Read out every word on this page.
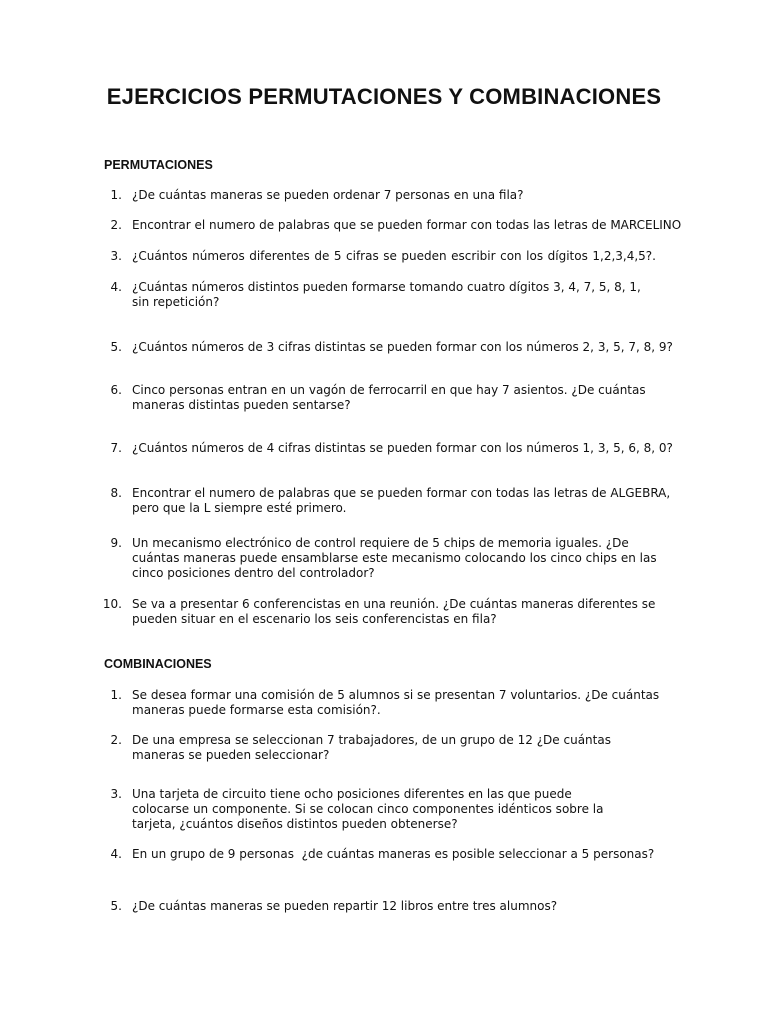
EJERCICIOS PERMUTACIONES Y COMBINACIONES
PERMUTACIONES
1. ¿De cuántas maneras se pueden ordenar 7 personas en una fila?
2. Encontrar el numero de palabras que se pueden formar con todas las letras de MARCELINO
3. ¿Cuántos números diferentes de 5 cifras se pueden escribir con los dígitos 1,2,3,4,5?.
4. ¿Cuántas números distintos pueden formarse tomando cuatro dígitos 3, 4, 7, 5, 8, 1, sin repetición?
5. ¿Cuántos números de 3 cifras distintas se pueden formar con los números 2, 3, 5, 7, 8, 9?
6. Cinco personas entran en un vagón de ferrocarril en que hay 7 asientos. ¿De cuántas maneras distintas pueden sentarse?
7. ¿Cuántos números de 4 cifras distintas se pueden formar con los números 1, 3, 5, 6, 8, 0?
8. Encontrar el numero de palabras que se pueden formar con todas las letras de ALGEBRA, pero que la L siempre esté primero.
9. Un mecanismo electrónico de control requiere de 5 chips de memoria iguales. ¿De cuántas maneras puede ensamblarse este mecanismo colocando los cinco chips en las cinco posiciones dentro del controlador?
10. Se va a presentar 6 conferencistas en una reunión. ¿De cuántas maneras diferentes se pueden situar en el escenario los seis conferencistas en fila?
COMBINACIONES
1. Se desea formar una comisión de 5 alumnos si se presentan 7 voluntarios. ¿De cuántas maneras puede formarse esta comisión?.
2. De una empresa se seleccionan 7 trabajadores, de un grupo de 12 ¿De cuántas maneras se pueden seleccionar?
3. Una tarjeta de circuito tiene ocho posiciones diferentes en las que puede colocarse un componente. Si se colocan cinco componentes idénticos sobre la tarjeta, ¿cuántos diseños distintos pueden obtenerse?
4. En un grupo de 9 personas  ¿de cuántas maneras es posible seleccionar a 5 personas?
5. ¿De cuántas maneras se pueden repartir 12 libros entre tres alumnos?
